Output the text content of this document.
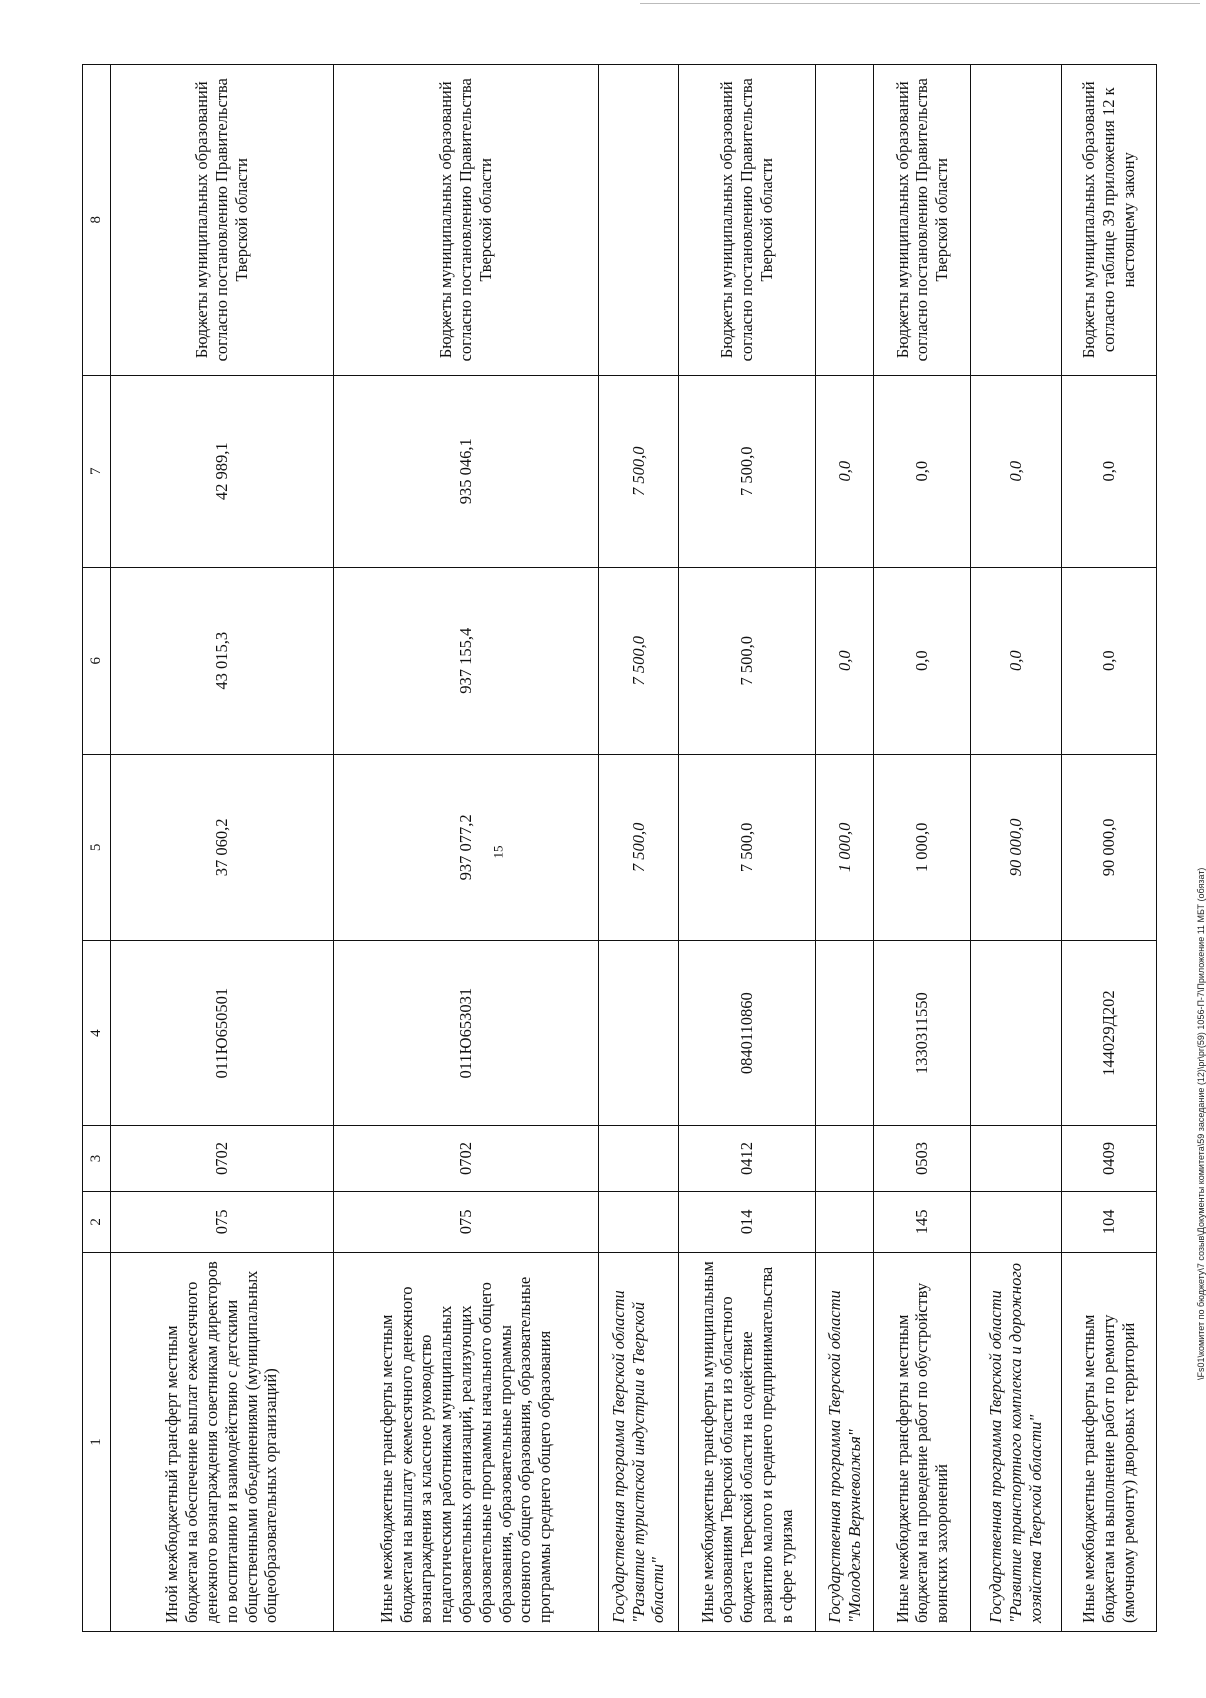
15
1	2	3	4	5	6	7	8
Иной межбюджетный трансферт местным бюджетам на обеспечение выплат ежемесячного денежного вознаграждения советникам директоров по воспитанию и взаимодействию с детскими общественными объединениями (муниципальных общеобразовательных организаций)	075	0702	011Ю650501	37 060,2	43 015,3	42 989,1	Бюджеты муниципальных образований согласно постановлению Правительства Тверской области
Иные межбюджетные трансферты местным бюджетам на выплату ежемесячного денежного вознаграждения за классное руководство педагогическим работникам муниципальных образовательных организаций, реализующих образовательные программы начального общего образования, образовательные программы основного общего образования, образовательные программы среднего общего образования	075	0702	011Ю653031	937 077,2	937 155,4	935 046,1	Бюджеты муниципальных образований согласно постановлению Правительства Тверской области
Государственная программа Тверской области "Развитие туристской индустрии в Тверской области"				7 500,0	7 500,0	7 500,0	
Иные межбюджетные трансферты муниципальным образованиям Тверской области из областного бюджета Тверской области на содействие развитию малого и среднего предпринимательства в сфере туризма	014	0412	0840110860	7 500,0	7 500,0	7 500,0	Бюджеты муниципальных образований согласно постановлению Правительства Тверской области
Государственная программа Тверской области "Молодежь Верхневолжья"				1 000,0	0,0	0,0	
Иные межбюджетные трансферты местным бюджетам на проведение работ по обустройству воинских захоронений	145	0503	1330311550	1 000,0	0,0	0,0	Бюджеты муниципальных образований согласно постановлению Правительства Тверской области
Государственная программа Тверской области "Развитие транспортного комплекса и дорожного хозяйства Тверской области"				90 000,0	0,0	0,0	
Иные межбюджетные трансферты местным бюджетам на выполнение работ по ремонту (ямочному ремонту) дворовых территорий	104	0409	144029Д202	90 000,0	0,0	0,0	Бюджеты муниципальных образований согласно таблице 39 приложения 12 к настоящему закону
\Fs01\комитет по бюджету\7 созыв\Документы комитета\59 заседание (12)\pr\pr(59) 1056-П-7\Приложение 11 МБТ (обязат)
